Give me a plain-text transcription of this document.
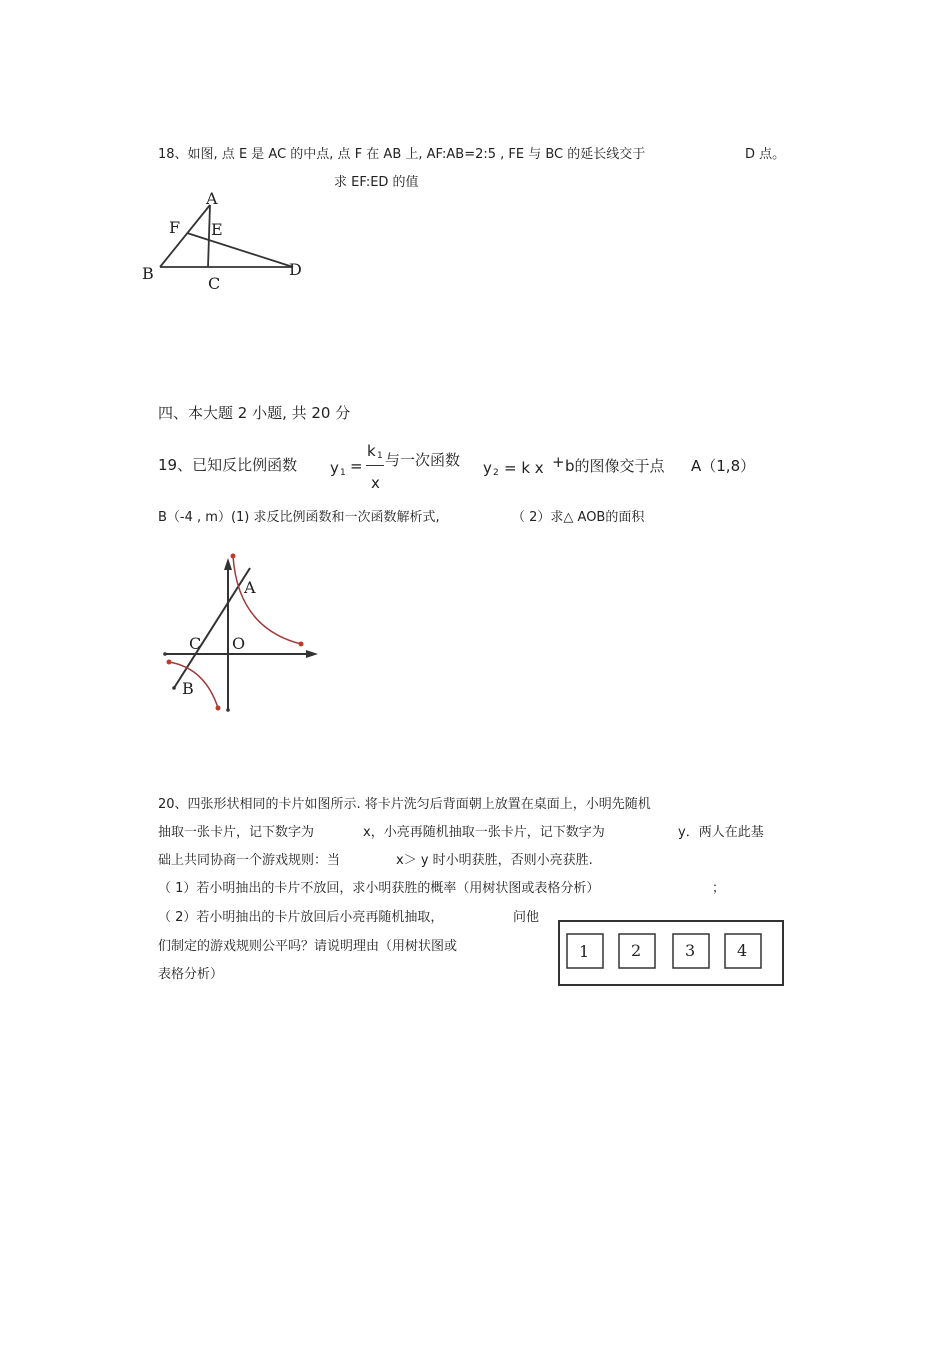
18、如图, 点 E 是 AC 的中点, 点 F 在 AB 上, AF:AB=2:5 , FE 与 BC 的延长线交于	D 点。
求 EF:ED 的值
A
F E
B
C
D
四、本大题 2 小题, 共 20 分
19、已知反比例函数 y 1 =
k 1
x
与一次函数 y 2 = k x + b的图像交于点 A（1,8）
B（-4 , m）(1) 求反比例函数和一次函数解析式,	（ 2）求△ AOB的面积
A
C O
B
20、四张形状相同的卡片如图所示. 将卡片洗匀后背面朝上放置在桌面上，小明先随机
抽取一张卡片，记下数字为	x，小亮再随机抽取一张卡片，记下数字为	y．两人在此基
础上共同协商一个游戏规则：当	x＞ y 时小明获胜，否则小亮获胜.
（ 1）若小明抽出的卡片不放回，求小明获胜的概率（用树状图或表格分析）	；
（ 2）若小明抽出的卡片放回后小亮再随机抽取，	问他
们制定的游戏规则公平吗？请说明理由（用树状图或
表格分析）
1	2	3	4
